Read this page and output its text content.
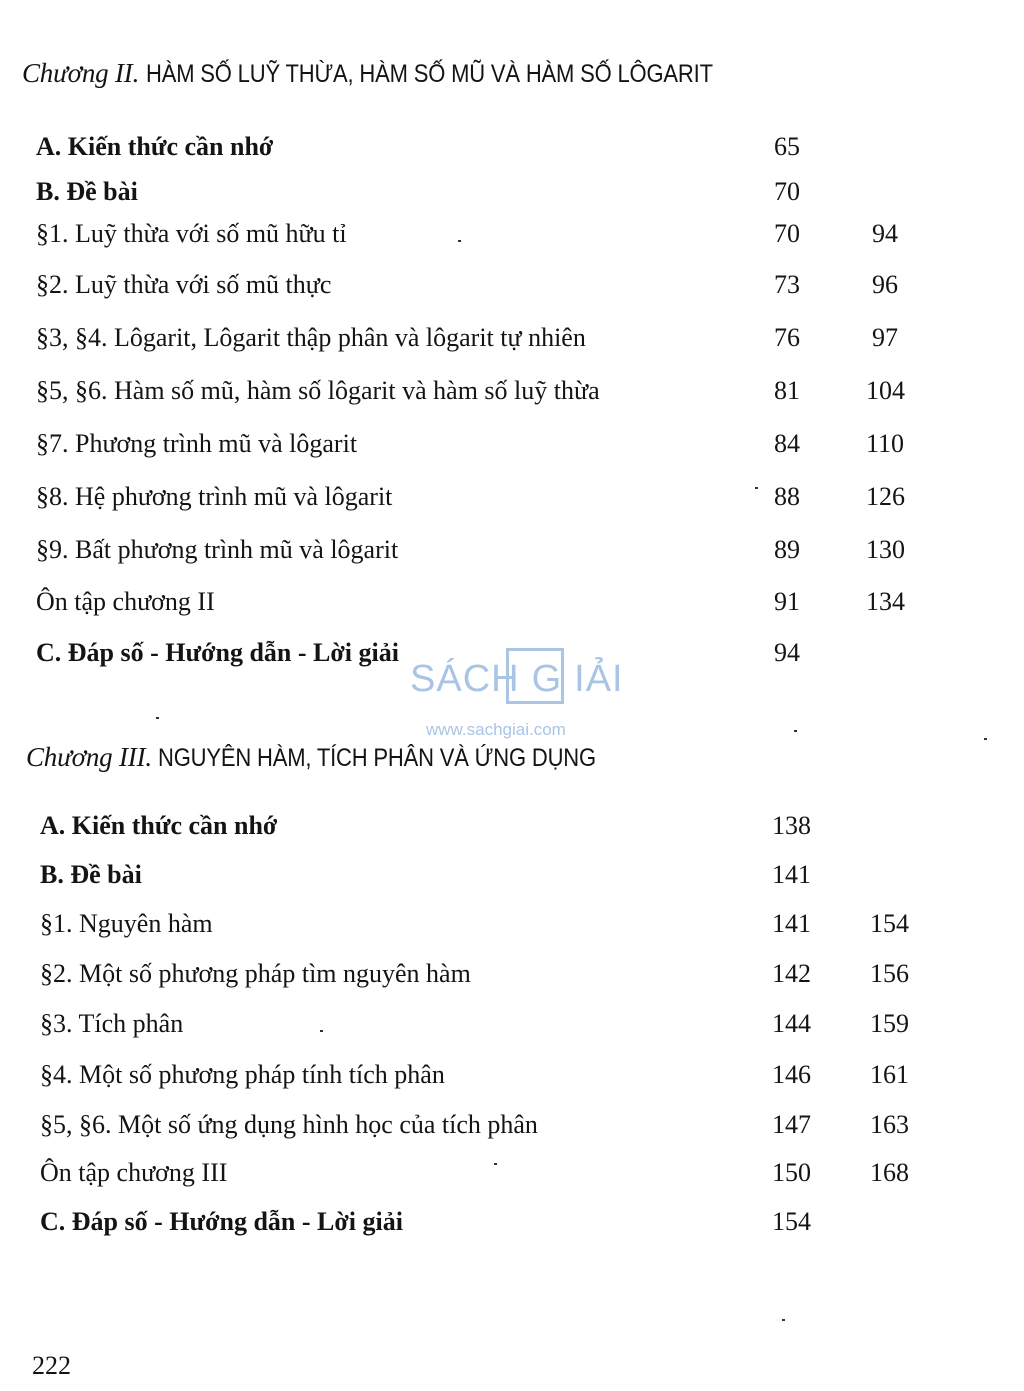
Chương II. HÀM SỐ LUỸ THỪA, HÀM SỐ MŨ VÀ HÀM SỐ LÔGARIT
A. Kiến thức cần nhớ	65
B. Đề bài	70
§1. Luỹ thừa với số mũ hữu tỉ	70	94
§2. Luỹ thừa với số mũ thực	73	96
§3, §4. Lôgarit, Lôgarit thập phân và lôgarit tự nhiên	76	97
§5, §6. Hàm số mũ, hàm số lôgarit và hàm số luỹ thừa	81	104
§7. Phương trình mũ và lôgarit	84	110
§8. Hệ phương trình mũ và lôgarit	88	126
§9. Bất phương trình mũ và lôgarit	89	130
Ôn tập chương II	91	134
C. Đáp số - Hướng dẫn - Lời giải	94
SÁCH G IẢI
www.sachgiai.com
Chương III. NGUYÊN HÀM, TÍCH PHÂN VÀ ỨNG DỤNG
A. Kiến thức cần nhớ	138
B. Đề bài	141
§1. Nguyên hàm	141 154
§2. Một số phương pháp tìm nguyên hàm	142 156
§3. Tích phân	144 159
§4. Một số phương pháp tính tích phân	146 161
§5, §6. Một số ứng dụng hình học của tích phân	147 163
Ôn tập chương III	150 168
C. Đáp số - Hướng dẫn - Lời giải	154
222
